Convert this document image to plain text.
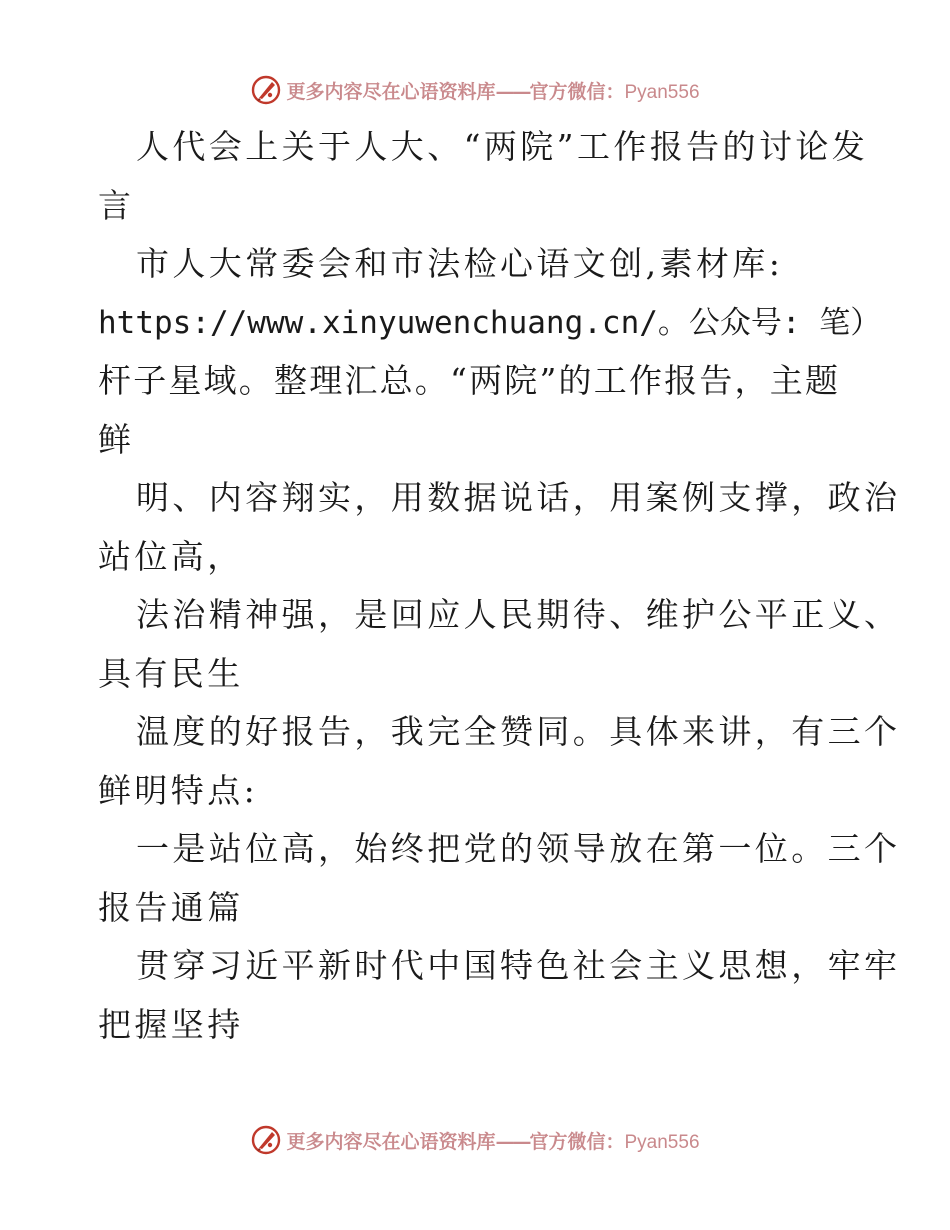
更多内容尽在心语资料库——官方微信：Pyan556
人代会上关于人大、“两院”工作报告的讨论发
言
市人大常委会和市法检心语文创,素材库:
https://www.xinyuwenchuang.cn/。公众号: 笔）
杆子星域。整理汇总。“两院”的工作报告，主题
鲜
明、内容翔实，用数据说话，用案例支撑，政治
站位高，
法治精神强，是回应人民期待、维护公平正义、
具有民生
温度的好报告，我完全赞同。具体来讲，有三个
鲜明特点:
一是站位高，始终把党的领导放在第一位。三个
报告通篇
贯穿习近平新时代中国特色社会主义思想，牢牢
把握坚持
更多内容尽在心语资料库——官方微信：Pyan556
